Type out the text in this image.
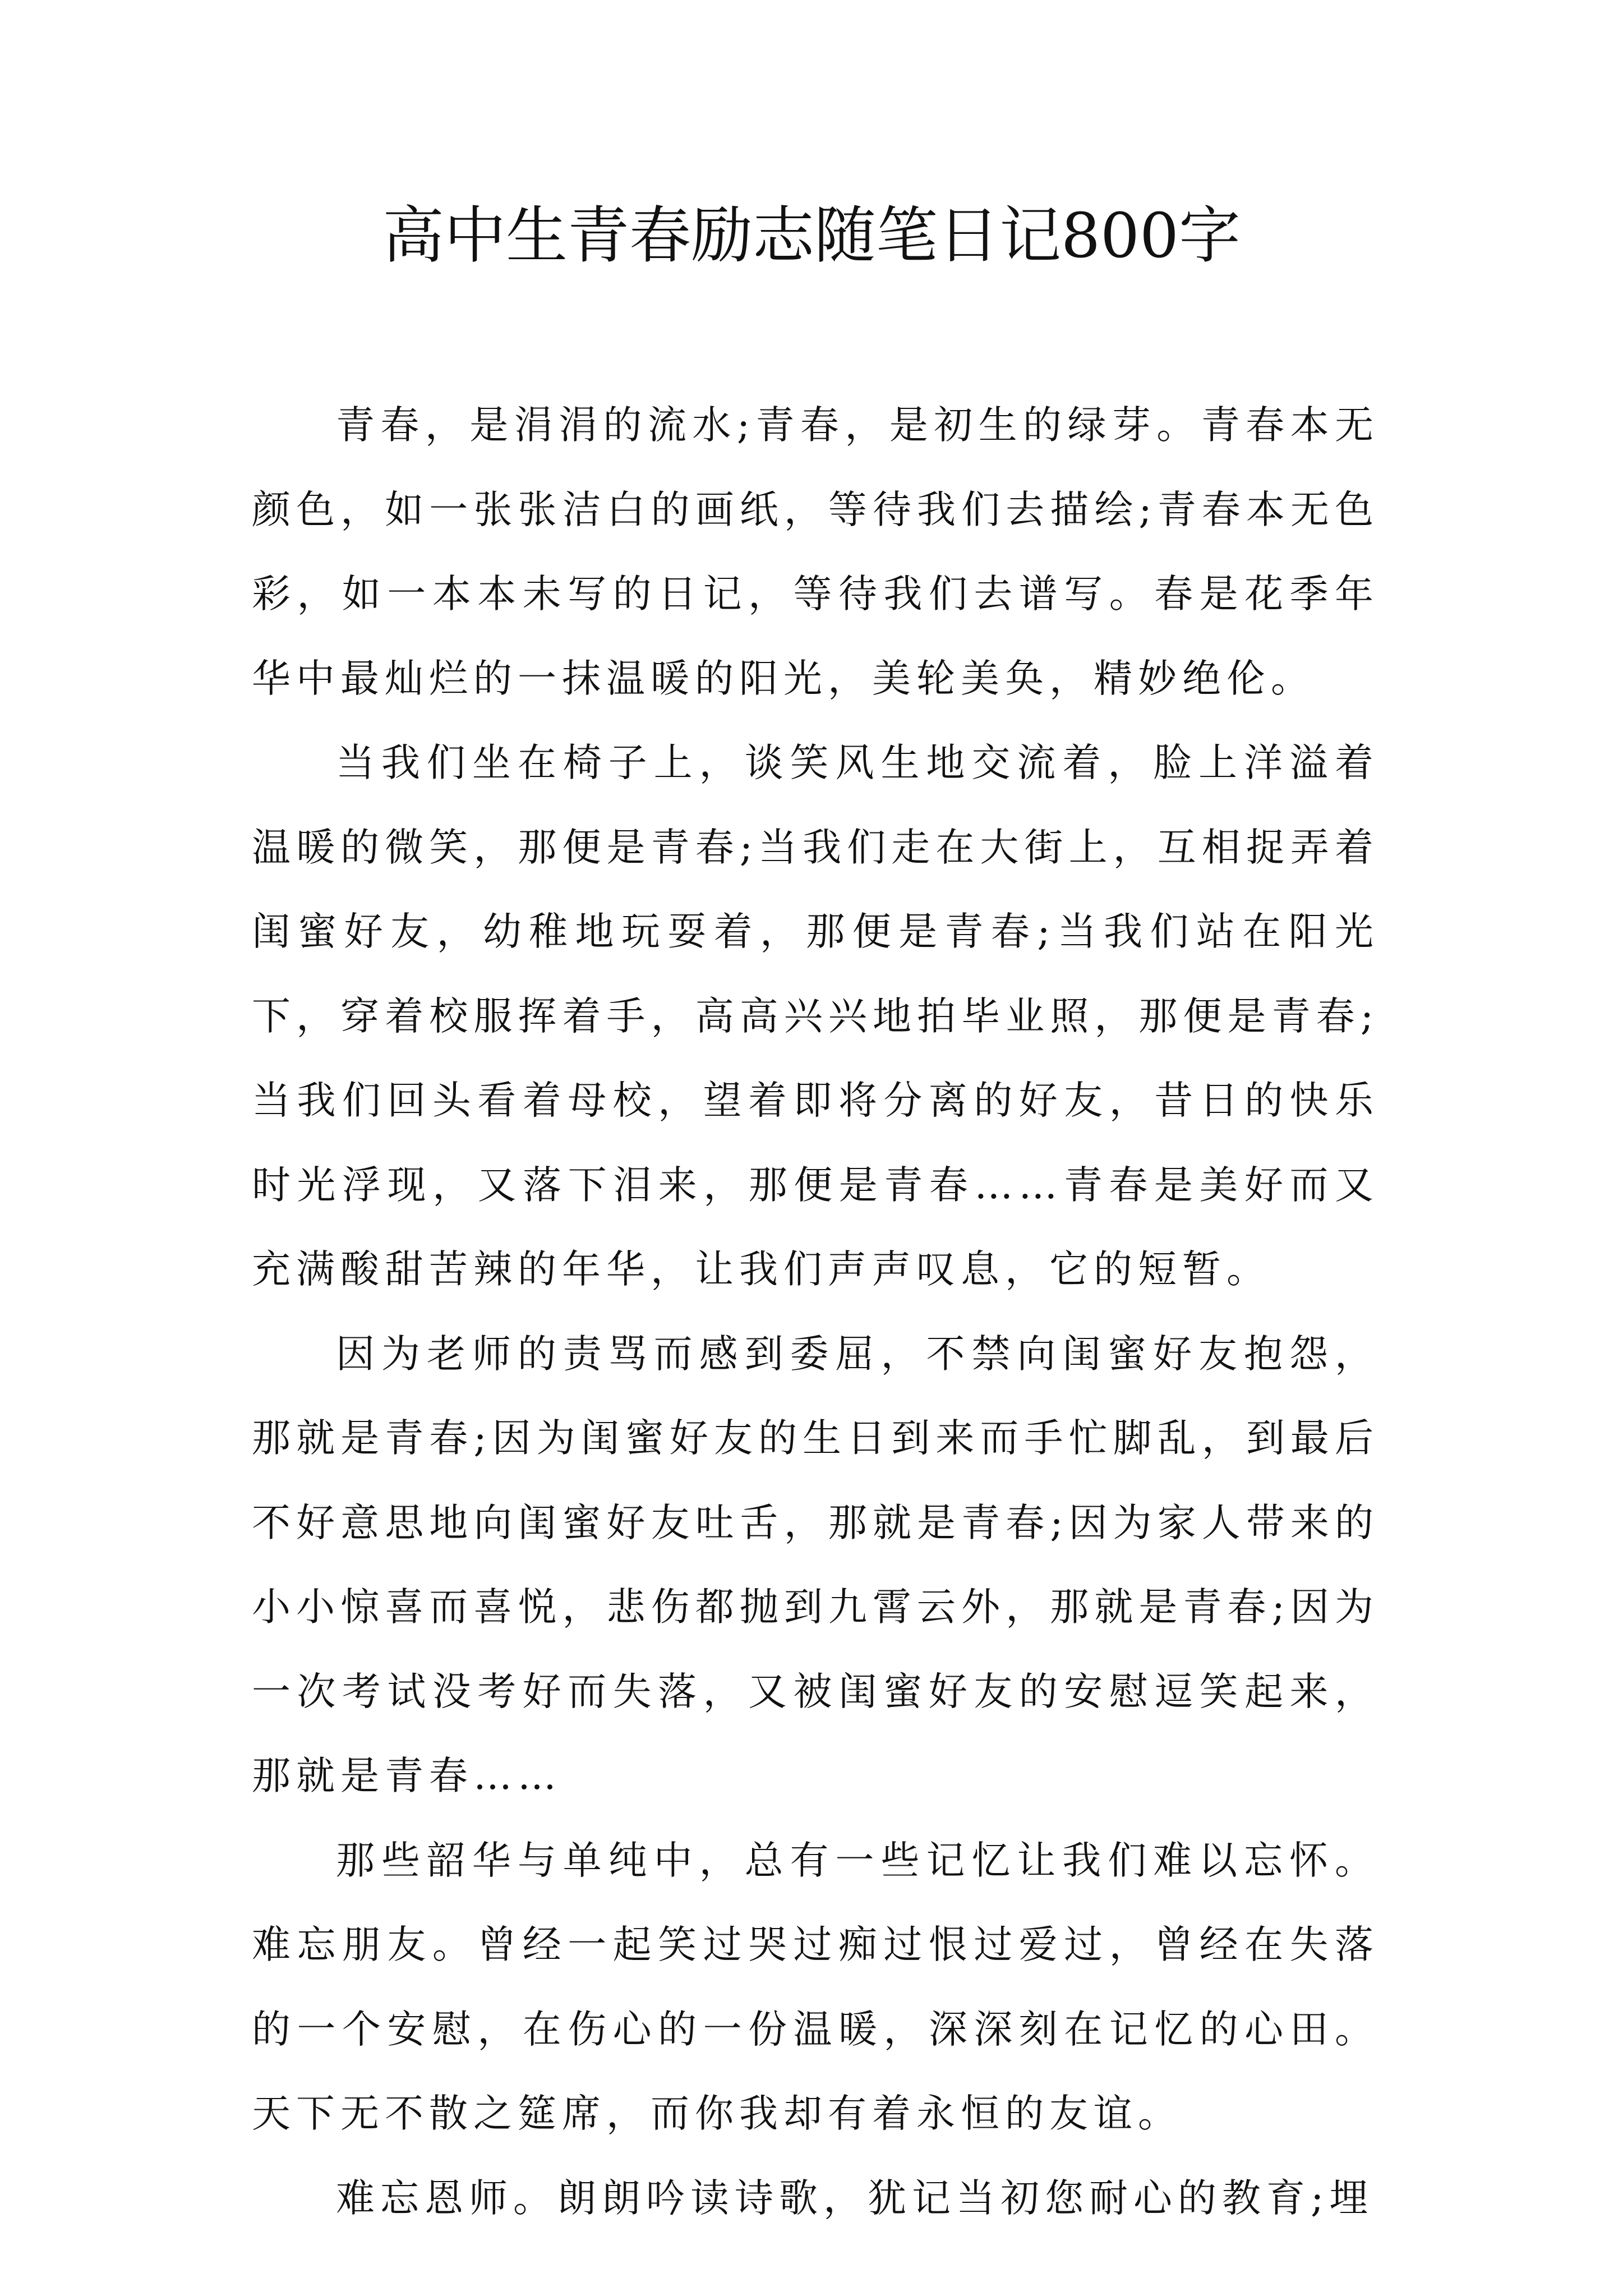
高中生青春励志随笔日记800字

青春，是涓涓的流水;青春，是初生的绿芽。青春本无颜色，如一张张洁白的画纸，等待我们去描绘;青春本无色彩，如一本本未写的日记，等待我们去谱写。春是花季年华中最灿烂的一抹温暖的阳光，美轮美奂，精妙绝伦。

当我们坐在椅子上，谈笑风生地交流着，脸上洋溢着温暖的微笑，那便是青春;当我们走在大街上，互相捉弄着闺蜜好友，幼稚地玩耍着，那便是青春;当我们站在阳光下，穿着校服挥着手，高高兴兴地拍毕业照，那便是青春;当我们回头看着母校，望着即将分离的好友，昔日的快乐时光浮现，又落下泪来，那便是青春……青春是美好而又充满酸甜苦辣的年华，让我们声声叹息，它的短暂。

因为老师的责骂而感到委屈，不禁向闺蜜好友抱怨，那就是青春;因为闺蜜好友的生日到来而手忙脚乱，到最后不好意思地向闺蜜好友吐舌，那就是青春;因为家人带来的小小惊喜而喜悦，悲伤都抛到九霄云外，那就是青春;因为一次考试没考好而失落，又被闺蜜好友的安慰逗笑起来，那就是青春……

那些韶华与单纯中，总有一些记忆让我们难以忘怀。难忘朋友。曾经一起笑过哭过痴过恨过爱过，曾经在失落的一个安慰，在伤心的一份温暖，深深刻在记忆的心田。天下无不散之筵席，而你我却有着永恒的友谊。

难忘恩师。朗朗吟读诗歌，犹记当初您耐心的教育;埋
